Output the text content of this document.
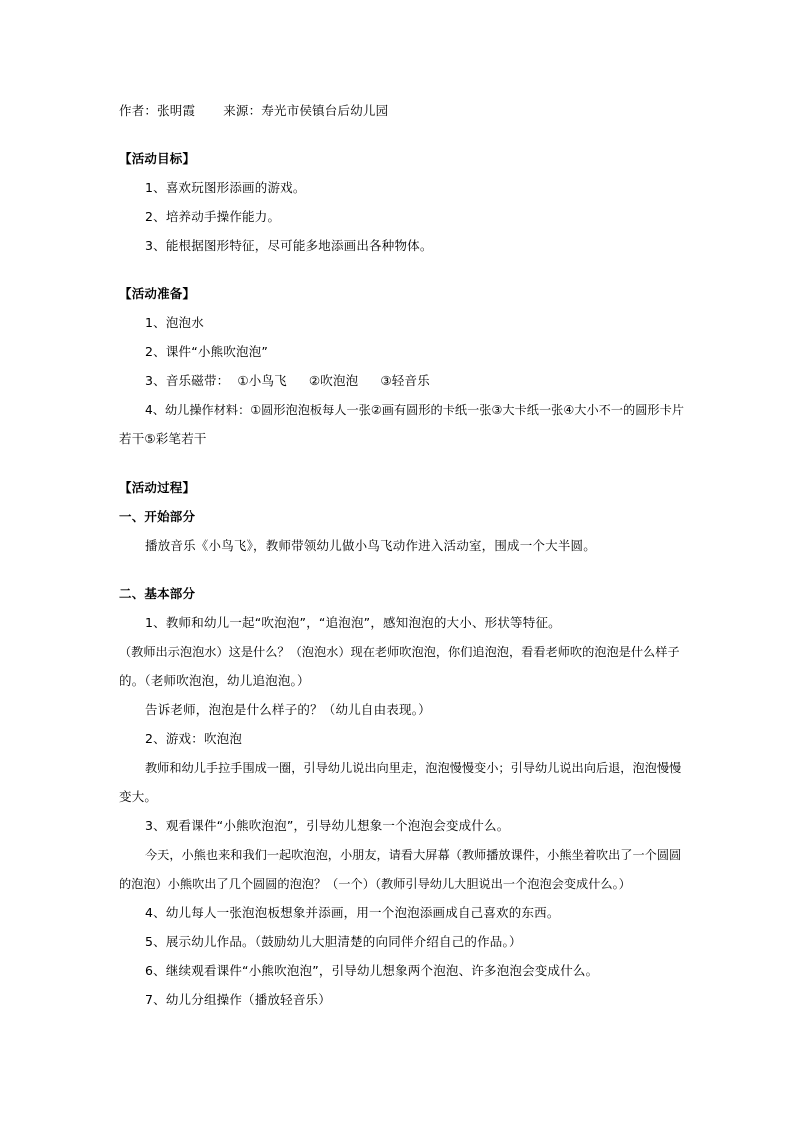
作者：张明霞 来源：寿光市侯镇台后幼儿园
【活动目标】
1、喜欢玩图形添画的游戏。
2、培养动手操作能力。
3、能根据图形特征，尽可能多地添画出各种物体。
【活动准备】
1、泡泡水
2、课件“小熊吹泡泡”
3、音乐磁带： ①小鸟飞 ②吹泡泡 ③轻音乐
4、幼儿操作材料：①圆形泡泡板每人一张②画有圆形的卡纸一张③大卡纸一张④大小不一的圆形卡片
若干⑤彩笔若干
【活动过程】
一、开始部分
播放音乐《小鸟飞》，教师带领幼儿做小鸟飞动作进入活动室，围成一个大半圆。
二、基本部分
1、教师和幼儿一起“吹泡泡”，“追泡泡”，感知泡泡的大小、形状等特征。
（教师出示泡泡水）这是什么？（泡泡水）现在老师吹泡泡，你们追泡泡，看看老师吹的泡泡是什么样子
的。（老师吹泡泡，幼儿追泡泡。）
告诉老师，泡泡是什么样子的？（幼儿自由表现。）
2、游戏：吹泡泡
教师和幼儿手拉手围成一圈，引导幼儿说出向里走，泡泡慢慢变小；引导幼儿说出向后退，泡泡慢慢
变大。
3、观看课件“小熊吹泡泡”，引导幼儿想象一个泡泡会变成什么。
今天，小熊也来和我们一起吹泡泡，小朋友，请看大屏幕（教师播放课件，小熊坐着吹出了一个圆圆
的泡泡）小熊吹出了几个圆圆的泡泡？（一个）（教师引导幼儿大胆说出一个泡泡会变成什么。）
4、幼儿每人一张泡泡板想象并添画，用一个泡泡添画成自己喜欢的东西。
5、展示幼儿作品。（鼓励幼儿大胆清楚的向同伴介绍自己的作品。）
6、继续观看课件“小熊吹泡泡”，引导幼儿想象两个泡泡、许多泡泡会变成什么。
7、幼儿分组操作（播放轻音乐）
